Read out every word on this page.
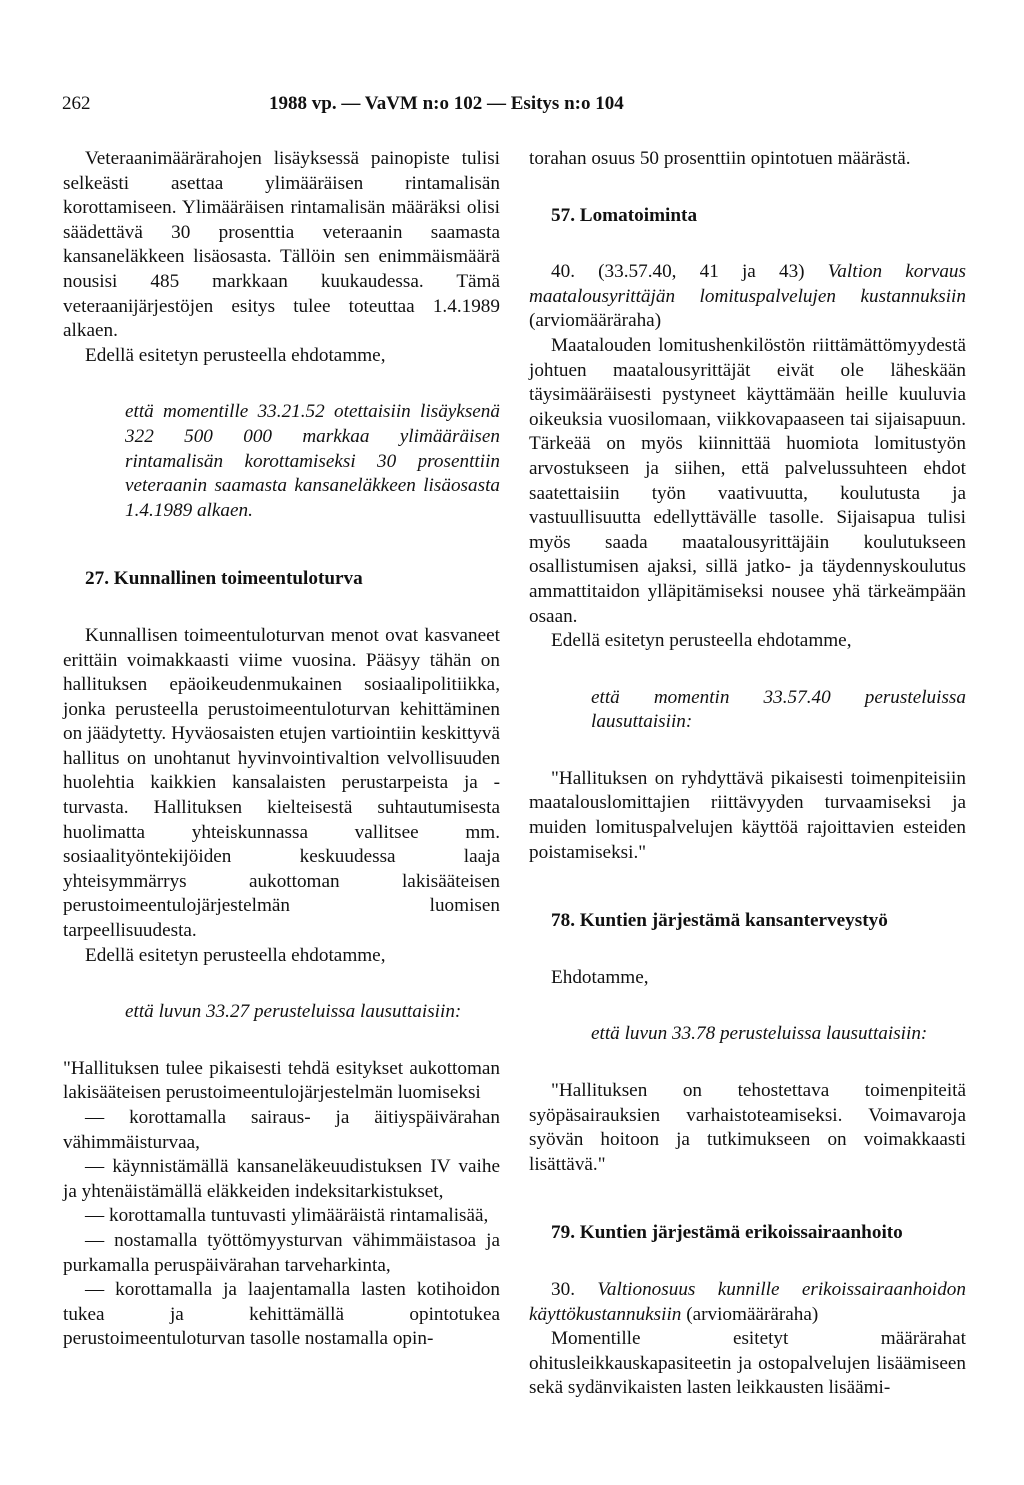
262	1988 vp. — VaVM n:o 102 — Esitys n:o 104

Veteraanimäärärahojen lisäyksessä painopiste tulisi selkeästi asettaa ylimääräisen rintamalisän korottamiseen. Ylimääräisen rintamalisän määräksi olisi säädettävä 30 prosenttia veteraanin saamasta kansaneläkkeen lisäosasta. Tällöin sen enimmäismäärä nousisi 485 markkaan kuukaudessa. Tämä veteraanijärjestöjen esitys tulee toteuttaa 1.4.1989 alkaen.

Edellä esitetyn perusteella ehdotamme,

että momentille 33.21.52 otettaisiin lisäyksenä 322 500 000 markkaa ylimääräisen rintamalisän korottamiseksi 30 prosenttiin veteraanin saamasta kansaneläkkeen lisäosasta 1.4.1989 alkaen.

27. Kunnallinen toimeentuloturva

Kunnallisen toimeentuloturvan menot ovat kasvaneet erittäin voimakkaasti viime vuosina. Pääsyy tähän on hallituksen epäoikeudenmukainen sosiaalipolitiikka, jonka perusteella perustoimeentuloturvan kehittäminen on jäädytetty. Hyväosaisten etujen vartiointiin keskittyvä hallitus on unohtanut hyvinvointivaltion velvollisuuden huolehtia kaikkien kansalaisten perustarpeista ja -turvasta. Hallituksen kielteisestä suhtautumisesta huolimatta yhteiskunnassa vallitsee mm. sosiaalityöntekijöiden keskuudessa laaja yhteisymmärrys aukottoman lakisääteisen perustoimeentulojärjestelmän luomisen tarpeellisuudesta.

Edellä esitetyn perusteella ehdotamme,

että luvun 33.27 perusteluissa lausuttaisiin:

"Hallituksen tulee pikaisesti tehdä esitykset aukottoman lakisääteisen perustoimeentulojärjestelmän luomiseksi

— korottamalla sairaus- ja äitiyspäivärahan vähimmäisturvaa,

— käynnistämällä kansaneläkeuudistuksen IV vaihe ja yhtenäistämällä eläkkeiden indeksitarkistukset,

— korottamalla tuntuvasti ylimääräistä rintamalisää,

— nostamalla työttömyysturvan vähimmäistasoa ja purkamalla peruspäivärahan tarveharkinta,

— korottamalla ja laajentamalla lasten kotihoidon tukea ja kehittämällä opintotukea perustoimeentuloturvan tasolle nostamalla opin-

torahan osuus 50 prosenttiin opintotuen määrästä.

57. Lomatoiminta

40. (33.57.40, 41 ja 43) Valtion korvaus maatalousyrittäjän lomituspalvelujen kustannuksiin (arviomääräraha)

Maatalouden lomitushenkilöstön riittämättömyydestä johtuen maatalousyrittäjät eivät ole läheskään täysimääräisesti pystyneet käyttämään heille kuuluvia oikeuksia vuosilomaan, viikkovapaaseen tai sijaisapuun. Tärkeää on myös kiinnittää huomiota lomitustyön arvostukseen ja siihen, että palvelussuhteen ehdot saatettaisiin työn vaativuutta, koulutusta ja vastuullisuutta edellyttävälle tasolle. Sijaisapua tulisi myös saada maatalousyrittäjäin koulutukseen osallistumisen ajaksi, sillä jatko- ja täydennyskoulutus ammattitaidon ylläpitämiseksi nousee yhä tärkeämpään osaan.

Edellä esitetyn perusteella ehdotamme,

että momentin 33.57.40 perusteluissa lausuttaisiin:

"Hallituksen on ryhdyttävä pikaisesti toimenpiteisiin maatalouslomittajien riittävyyden turvaamiseksi ja muiden lomituspalvelujen käyttöä rajoittavien esteiden poistamiseksi."

78. Kuntien järjestämä kansanterveystyö

Ehdotamme,

että luvun 33.78 perusteluissa lausuttaisiin:

"Hallituksen on tehostettava toimenpiteitä syöpäsairauksien varhaistoteamiseksi. Voimavaroja syövän hoitoon ja tutkimukseen on voimakkaasti lisättävä."

79. Kuntien järjestämä erikoissairaanhoito

30. Valtionosuus kunnille erikoissairaanhoidon käyttökustannuksiin (arviomääräraha)

Momentille esitetyt määrärahat ohitusleikkauskapasiteetin ja ostopalvelujen lisäämiseen sekä sydänvikaisten lasten leikkausten lisäämi-
